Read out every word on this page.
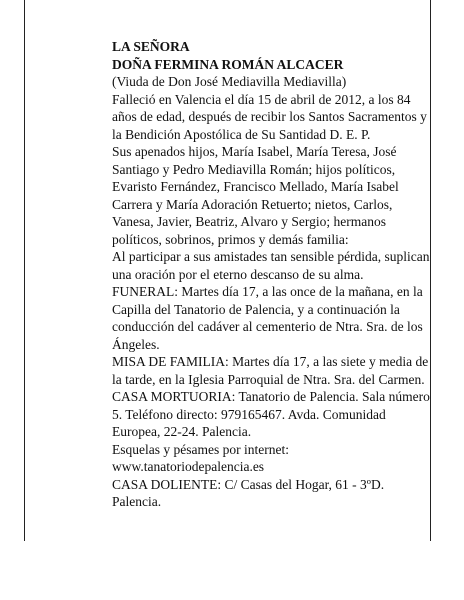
LA SEÑORA

DOÑA FERMINA ROMÁN ALCACER

(Viuda de Don José Mediavilla Mediavilla)

Falleció en Valencia el día 15 de abril de 2012, a los 84 años de edad, después de recibir los Santos Sacramentos y la Bendición Apostólica de Su Santidad D. E. P.

Sus apenados hijos, María Isabel, María Teresa, José Santiago y Pedro Mediavilla Román; hijos políticos, Evaristo Fernández, Francisco Mellado, María Isabel Carrera y María Adoración Retuerto; nietos, Carlos, Vanesa, Javier, Beatriz, Alvaro y Sergio; hermanos políticos, sobrinos, primos y demás familia:

Al participar a sus amistades tan sensible pérdida, suplican una oración por el eterno descanso de su alma.

FUNERAL: Martes día 17, a las once de la mañana, en la Capilla del Tanatorio de Palencia, y a continuación la conducción del cadáver al cementerio de Ntra. Sra. de los Ángeles.

MISA DE FAMILIA: Martes día 17, a las siete y media de la tarde, en la Iglesia Parroquial de Ntra. Sra. del Carmen.

CASA MORTUORIA: Tanatorio de Palencia. Sala número 5. Teléfono directo: 979165467. Avda. Comunidad Europea, 22-24. Palencia.

Esquelas y pésames por internet: www.tanatoriodepalencia.es

CASA DOLIENTE: C/ Casas del Hogar, 61 - 3ºD. Palencia.
